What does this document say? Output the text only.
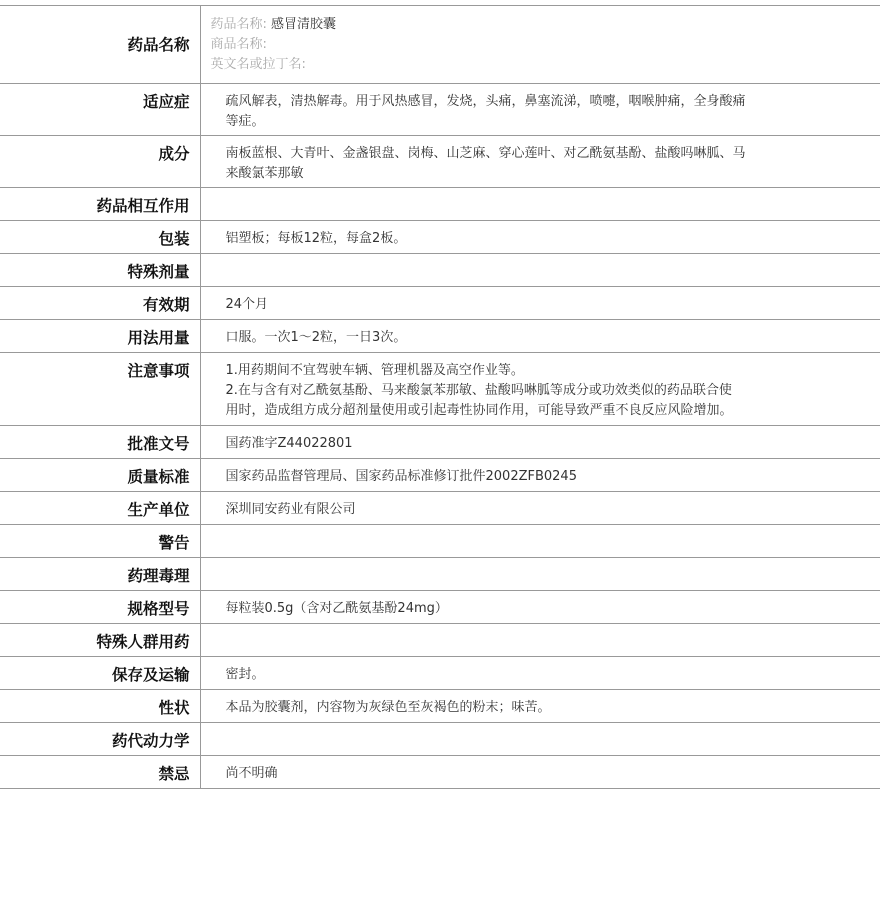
药品名称	药品名称: 感冒清胶囊
商品名称:
英文名或拉丁名:

适应症	疏风解表，清热解毒。用于风热感冒，发烧，头痛，鼻塞流涕，喷嚏，咽喉肿痛，全身酸痛
等症。

成分	南板蓝根、大青叶、金盏银盘、岗梅、山芝麻、穿心莲叶、对乙酰氨基酚、盐酸吗啉胍、马
来酸氯苯那敏

药品相互作用	
包装	铝塑板；每板12粒，每盒2板。

特殊剂量	
有效期	24个月

用法用量	口服。一次1～2粒，一日3次。

注意事项	1.用药期间不宜驾驶车辆、管理机器及高空作业等。
2.在与含有对乙酰氨基酚、马来酸氯苯那敏、盐酸吗啉胍等成分或功效类似的药品联合使
用时，造成组方成分超剂量使用或引起毒性协同作用，可能导致严重不良反应风险增加。

批准文号	国药准字Z44022801

质量标准	国家药品监督管理局、国家药品标准修订批件2002ZFB0245

生产单位	深圳同安药业有限公司

警告	
药理毒理	
规格型号	每粒装0.5g（含对乙酰氨基酚24mg）

特殊人群用药	
保存及运输	密封。

性状	本品为胶囊剂，内容物为灰绿色至灰褐色的粉末；味苦。

药代动力学	
禁忌	尚不明确
